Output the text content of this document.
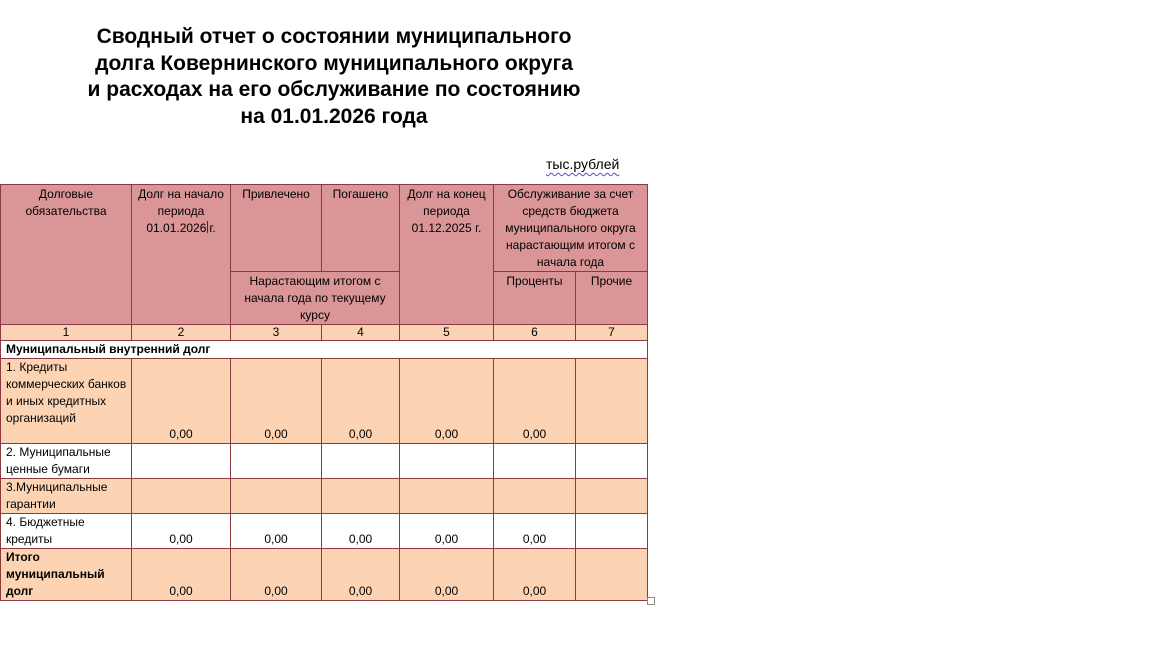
Сводный отчет о состоянии муниципального
долга Ковернинского муниципального округа
и расходах на его обслуживание по состоянию
на 01.01.2026 года
тыс.рублей
Долговые обязательства	Долг на начало периода 01.01.2026 г.	Привлечено	Погашено	Долг на конец периода 01.12.2025 г.	Обслуживание за счет средств бюджета муниципального округа нарастающим итогом с начала года	
		Нарастающим итогом с начала года по текущему курсу			Проценты	Прочие
1	2	3	4	5	6	7
Муниципальный внутренний долг						
1. Кредиты коммерческих банков и иных кредитных организаций	0,00	0,00	0,00	0,00	0,00	
2. Муниципальные ценные бумаги						
3.Муниципальные гарантии						
4. Бюджетные кредиты	0,00	0,00	0,00	0,00	0,00	
Итого муниципальный долг	0,00	0,00	0,00	0,00	0,00	
